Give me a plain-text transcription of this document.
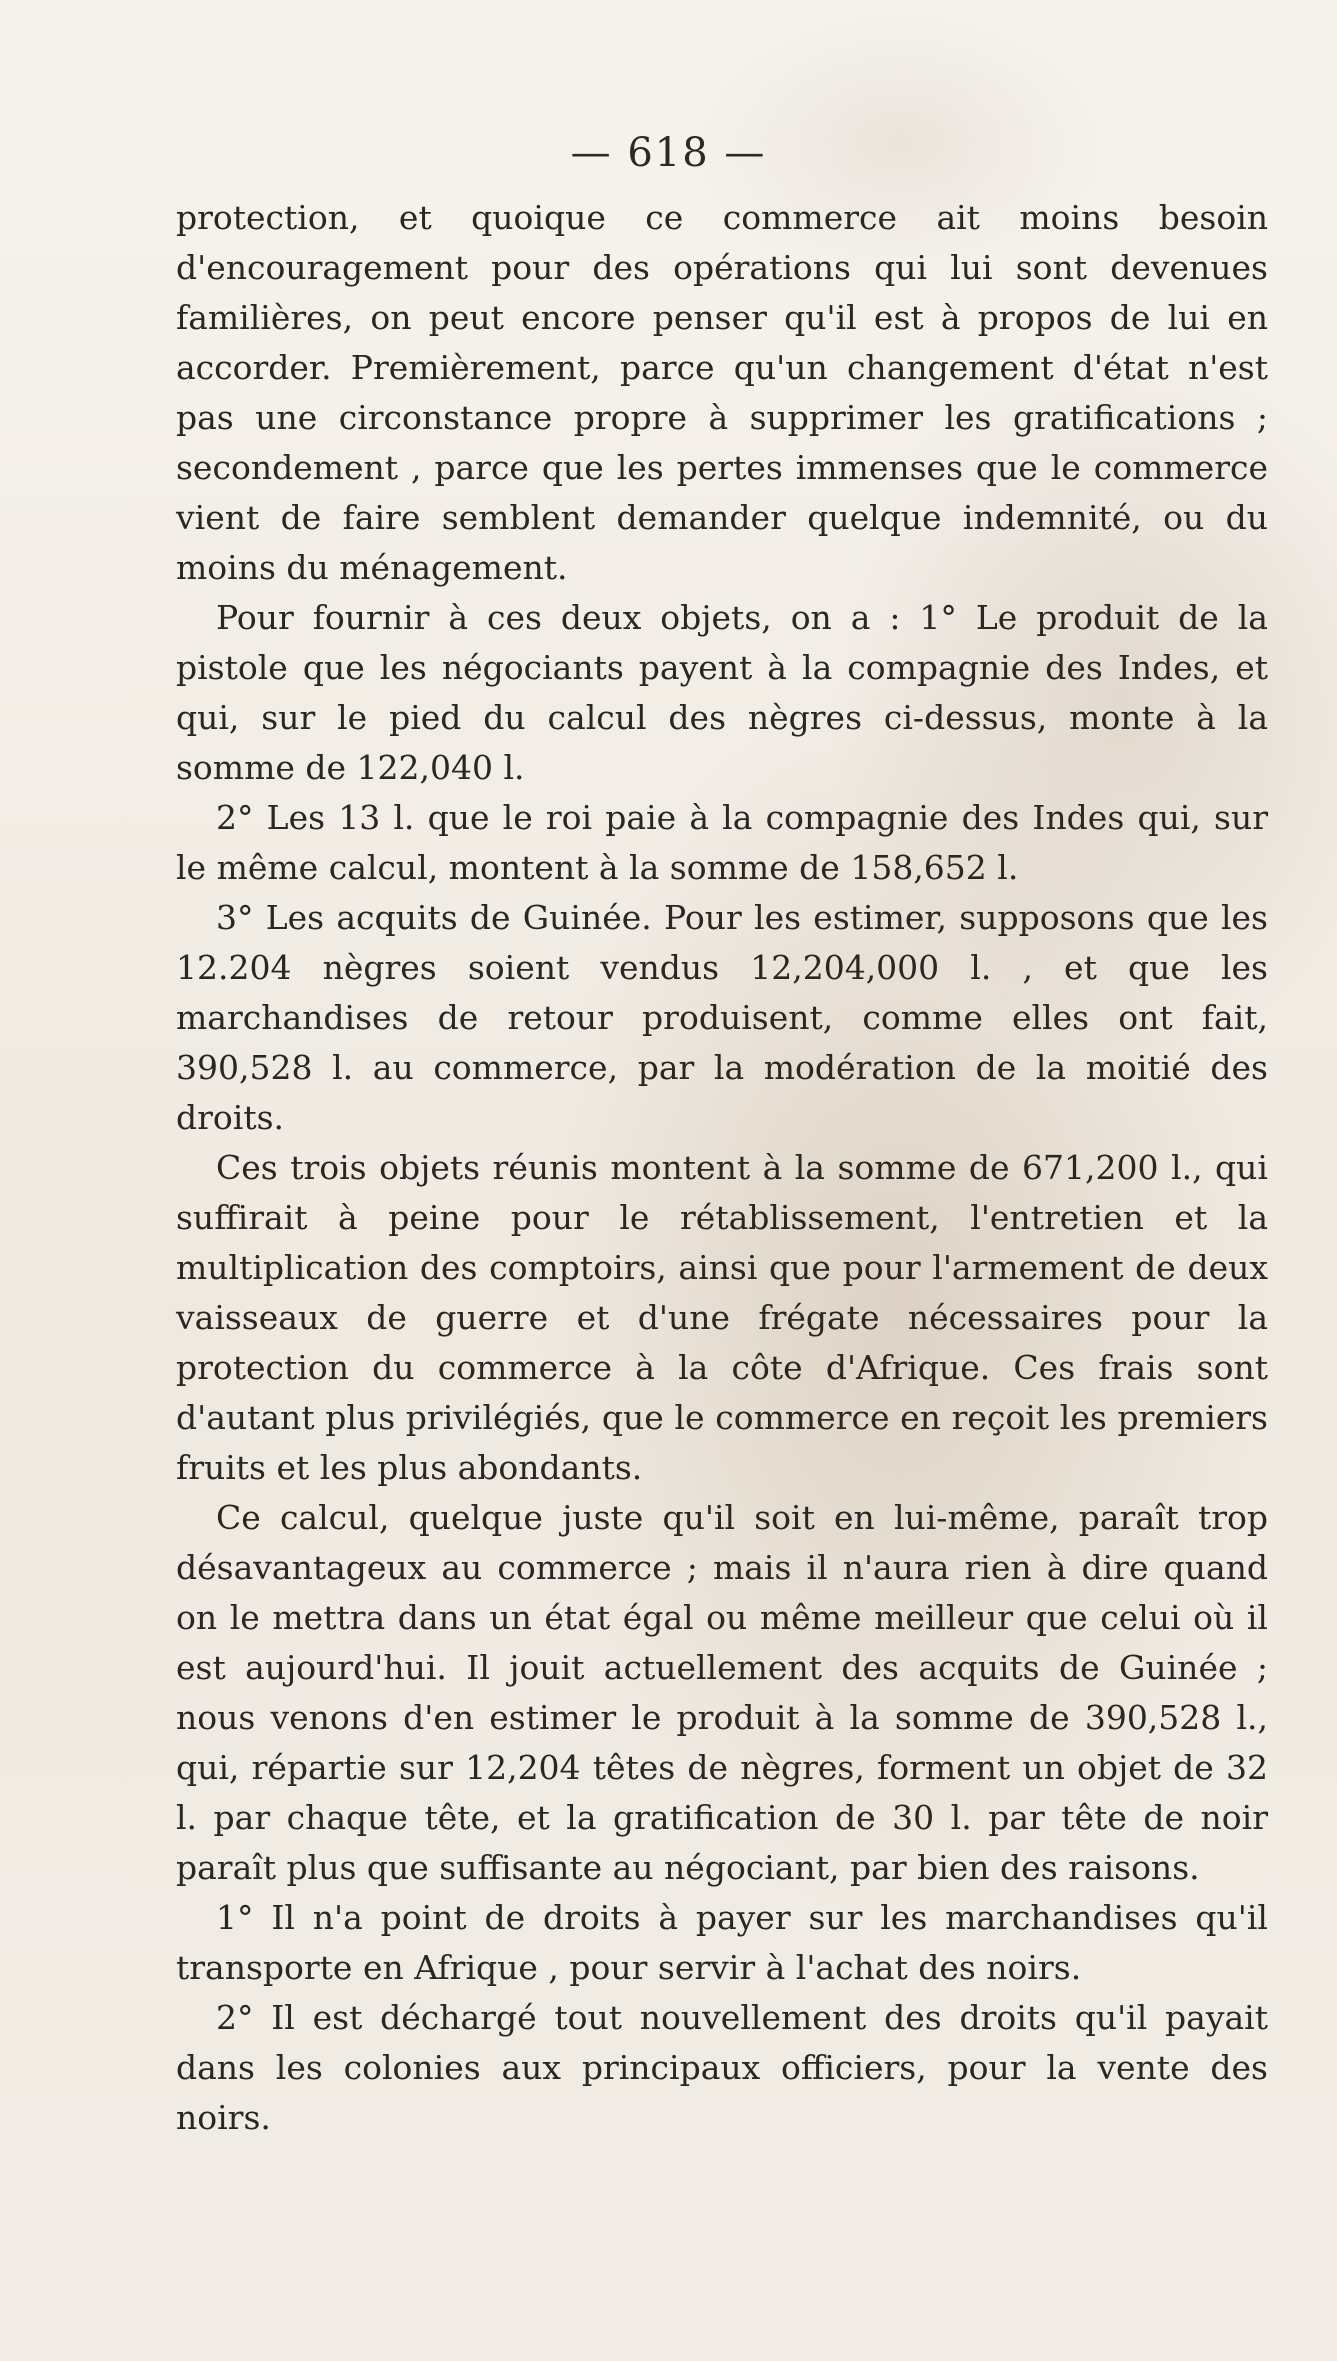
— 618 —

protection, et quoique ce commerce ait moins besoin d'encouragement pour des opérations qui lui sont devenues familières, on peut encore penser qu'il est à propos de lui en accorder. Premièrement, parce qu'un changement d'état n'est pas une circonstance propre à supprimer les gratifications ; secondement , parce que les pertes immenses que le commerce vient de faire semblent demander quelque indemnité, ou du moins du ménagement.

Pour fournir à ces deux objets, on a : 1° Le produit de la pistole que les négociants payent à la compagnie des Indes, et qui, sur le pied du calcul des nègres ci-dessus, monte à la somme de 122,040 l.

2° Les 13 l. que le roi paie à la compagnie des Indes qui, sur le même calcul, montent à la somme de 158,652 l.

3° Les acquits de Guinée. Pour les estimer, supposons que les 12.204 nègres soient vendus 12,204,000 l. , et que les marchandises de retour produisent, comme elles ont fait, 390,528 l. au commerce, par la modération de la moitié des droits.

Ces trois objets réunis montent à la somme de 671,200 l., qui suffirait à peine pour le rétablissement, l'entretien et la multiplication des comptoirs, ainsi que pour l'armement de deux vaisseaux de guerre et d'une frégate nécessaires pour la protection du commerce à la côte d'Afrique. Ces frais sont d'autant plus privilégiés, que le commerce en reçoit les premiers fruits et les plus abondants.

Ce calcul, quelque juste qu'il soit en lui-même, paraît trop désavantageux au commerce ; mais il n'aura rien à dire quand on le mettra dans un état égal ou même meilleur que celui où il est aujourd'hui. Il jouit actuellement des acquits de Guinée ; nous venons d'en estimer le produit à la somme de 390,528 l., qui, répartie sur 12,204 têtes de nègres, forment un objet de 32 l. par chaque tête, et la gratification de 30 l. par tête de noir paraît plus que suffisante au négociant, par bien des raisons.

1° Il n'a point de droits à payer sur les marchandises qu'il transporte en Afrique , pour servir à l'achat des noirs.

2° Il est déchargé tout nouvellement des droits qu'il payait dans les colonies aux principaux officiers, pour la vente des noirs.
